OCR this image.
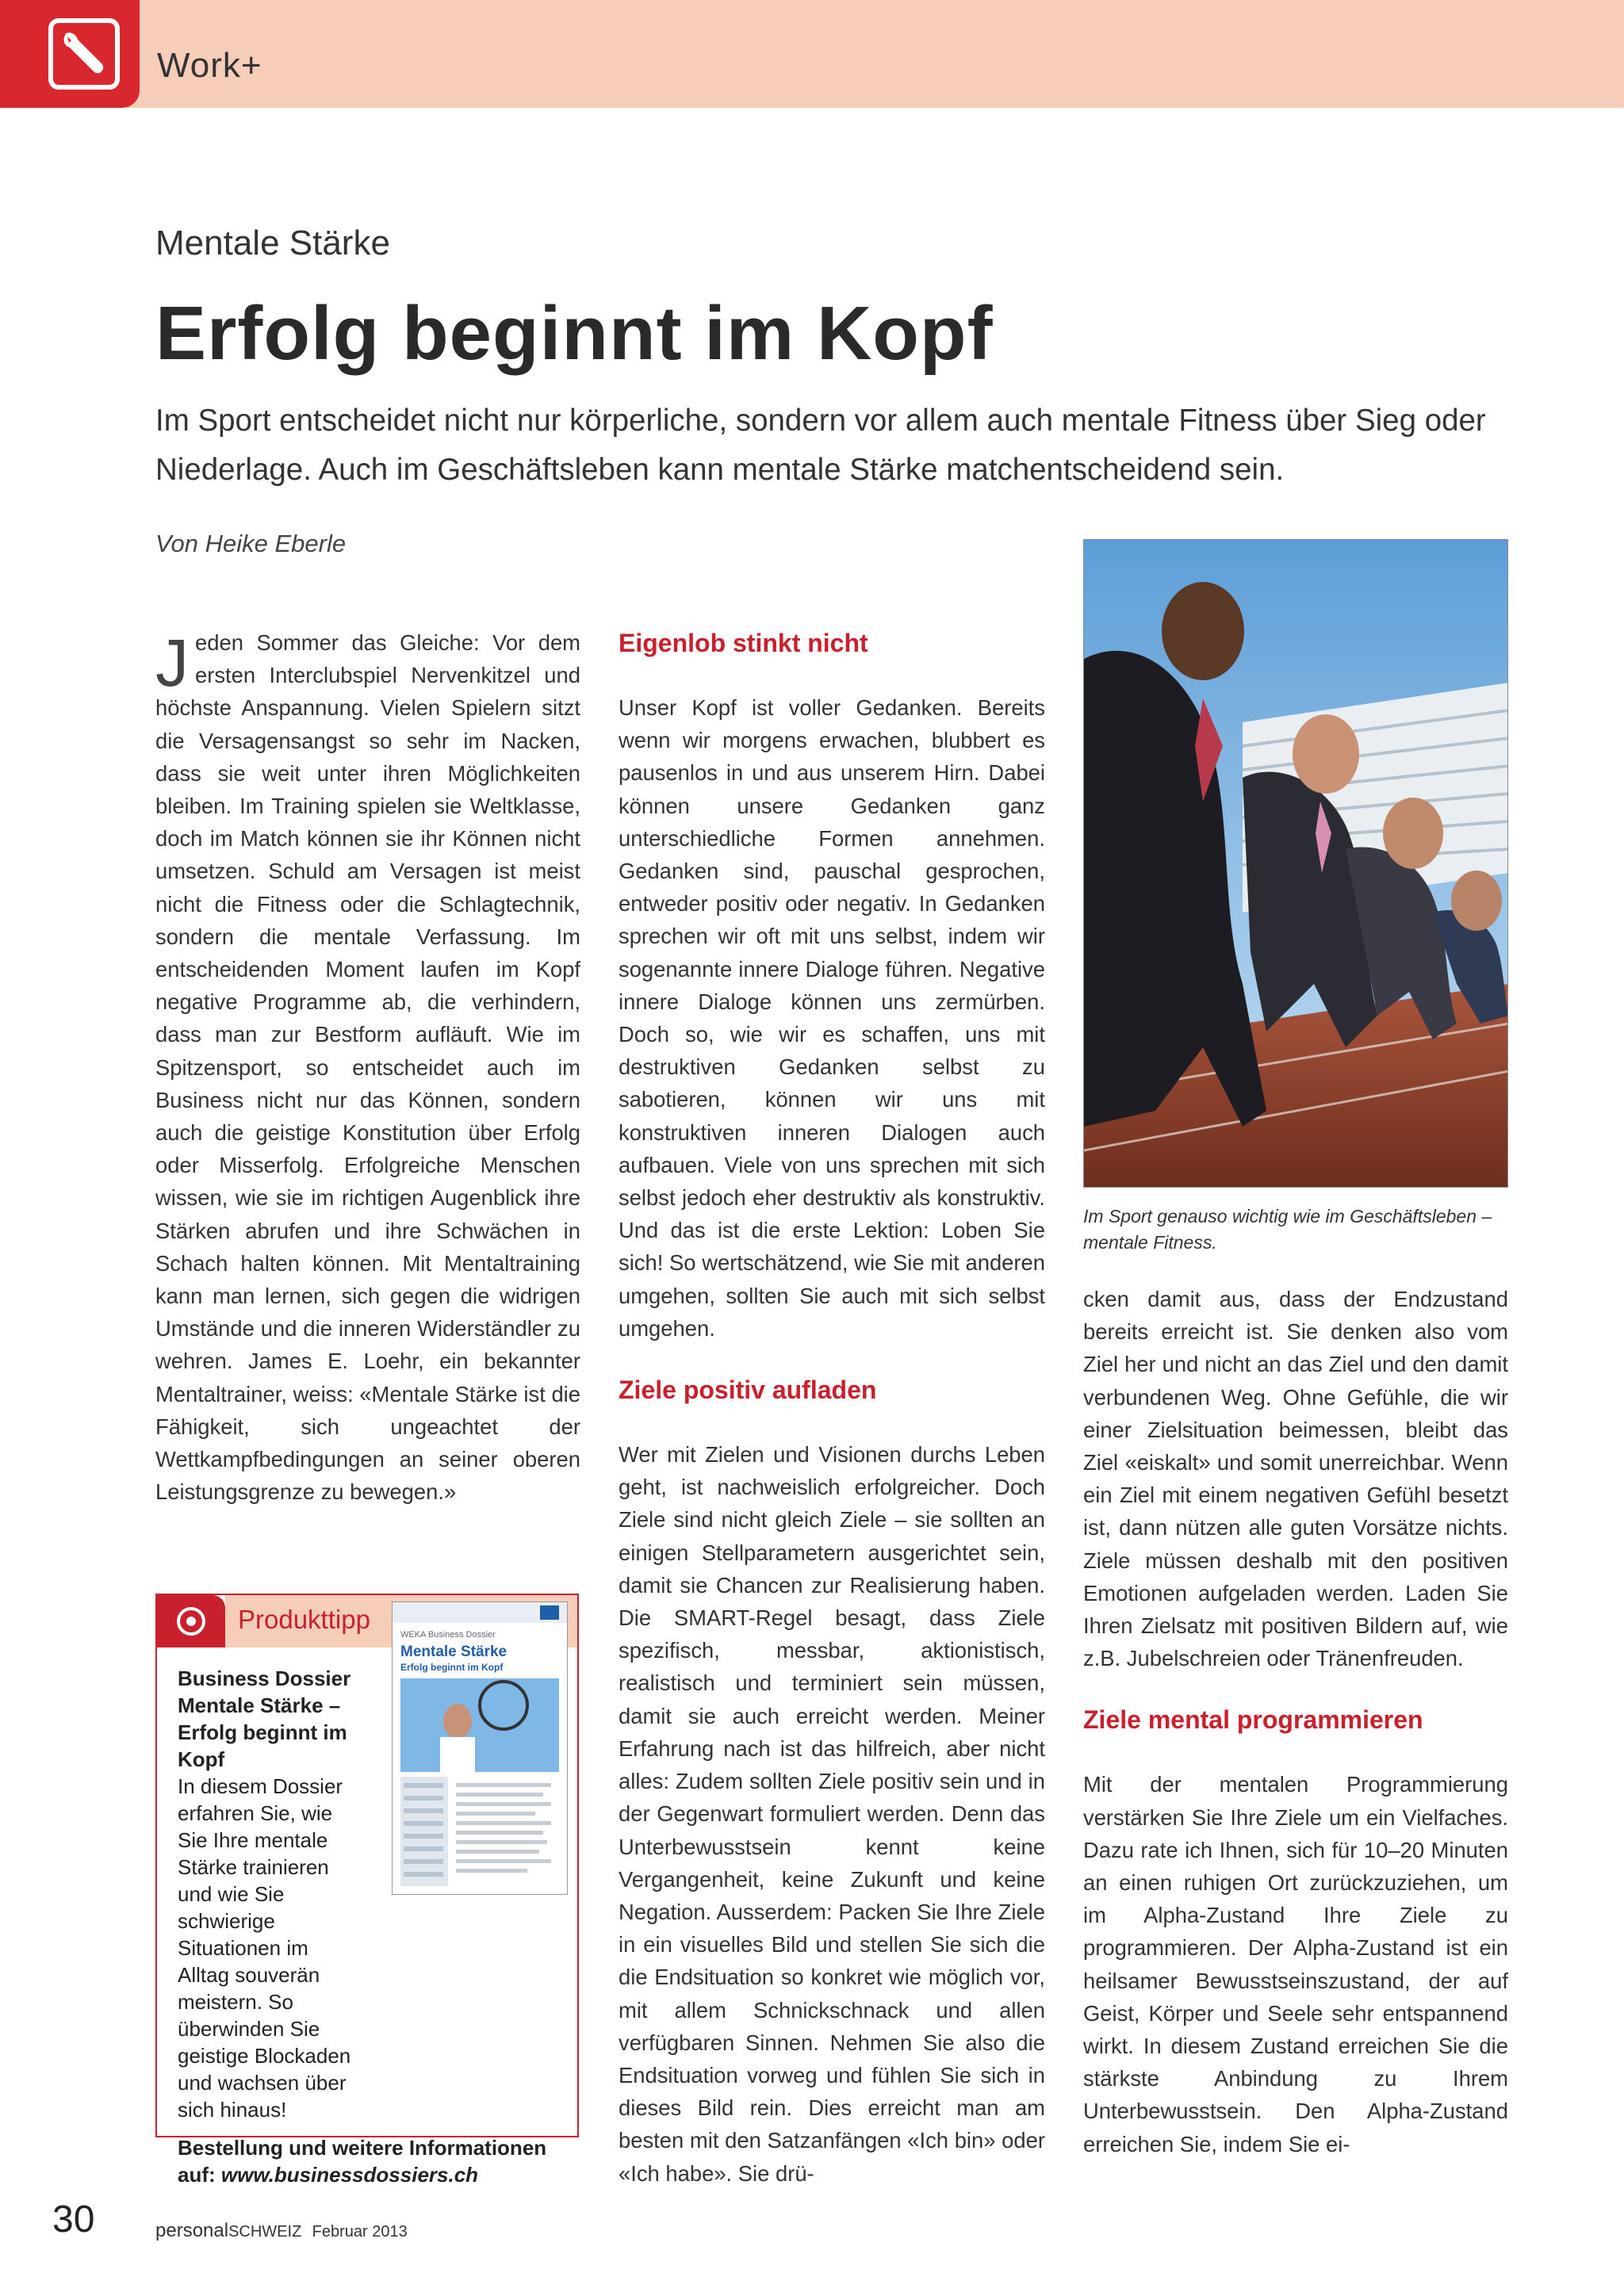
Work+
Mentale Stärke
Erfolg beginnt im Kopf
Im Sport entscheidet nicht nur körperliche, sondern vor allem auch mentale Fitness über Sieg oder Niederlage. Auch im Geschäftsleben kann mentale Stärke matchentscheidend sein.
Von Heike Eberle

Jeden Sommer das Gleiche: Vor dem ersten Interclubspiel Nervenkitzel und höchste Anspannung. Vielen Spielern sitzt die Versagensangst so sehr im Nacken, dass sie weit unter ihren Möglichkeiten bleiben. Im Training spielen sie Weltklasse, doch im Match können sie ihr Können nicht umsetzen. Schuld am Versagen ist meist nicht die Fitness oder die Schlagtechnik, sondern die mentale Verfassung. Im entscheidenden Moment laufen im Kopf negative Programme ab, die verhindern, dass man zur Bestform aufläuft. Wie im Spitzensport, so entscheidet auch im Business nicht nur das Können, sondern auch die geistige Konstitution über Erfolg oder Misserfolg. Erfolgreiche Menschen wissen, wie sie im richtigen Augenblick ihre Stärken abrufen und ihre Schwächen in Schach halten können. Mit Mentaltraining kann man lernen, sich gegen die widrigen Umstände und die inneren Widerständler zu wehren. James E. Loehr, ein bekannter Mentaltrainer, weiss: «Mentale Stärke ist die Fähigkeit, sich ungeachtet der Wettkampfbedingungen an seiner oberen Leistungsgrenze zu bewegen.»

Eigenlob stinkt nicht

Unser Kopf ist voller Gedanken. Bereits wenn wir morgens erwachen, blubbert es pausenlos in und aus unserem Hirn. Dabei können unsere Gedanken ganz unterschiedliche Formen annehmen. Gedanken sind, pauschal gesprochen, entweder positiv oder negativ. In Gedanken sprechen wir oft mit uns selbst, indem wir sogenannte innere Dialoge führen. Negative innere Dialoge können uns zermürben. Doch so, wie wir es schaffen, uns mit destruktiven Gedanken selbst zu sabotieren, können wir uns mit konstruktiven inneren Dialogen auch aufbauen. Viele von uns sprechen mit sich selbst jedoch eher destruktiv als konstruktiv. Und das ist die erste Lektion: Loben Sie sich! So wertschätzend, wie Sie mit anderen umgehen, sollten Sie auch mit sich selbst umgehen.

Ziele positiv aufladen

Wer mit Zielen und Visionen durchs Leben geht, ist nachweislich erfolgreicher. Doch Ziele sind nicht gleich Ziele – sie sollten an einigen Stellparametern ausgerichtet sein, damit sie Chancen zur Realisierung haben. Die SMART-Regel besagt, dass Ziele spezifisch, messbar, aktionistisch, realistisch und terminiert sein müssen, damit sie auch erreicht werden. Meiner Erfahrung nach ist das hilfreich, aber nicht alles: Zudem sollten Ziele positiv sein und in der Gegenwart formuliert werden. Denn das Unterbewusstsein kennt keine Vergangenheit, keine Zukunft und keine Negation. Ausserdem: Packen Sie Ihre Ziele in ein visuelles Bild und stellen Sie sich die die Endsituation so konkret wie möglich vor, mit allem Schnickschnack und allen verfügbaren Sinnen. Nehmen Sie also die Endsituation vorweg und fühlen Sie sich in dieses Bild rein. Dies erreicht man am besten mit den Satzanfängen «Ich bin» oder «Ich habe». Sie drü-

Im Sport genauso wichtig wie im Geschäftsleben – mentale Fitness.

cken damit aus, dass der Endzustand bereits erreicht ist. Sie denken also vom Ziel her und nicht an das Ziel und den damit verbundenen Weg. Ohne Gefühle, die wir einer Zielsituation beimessen, bleibt das Ziel «eiskalt» und somit unerreichbar. Wenn ein Ziel mit einem negativen Gefühl besetzt ist, dann nützen alle guten Vorsätze nichts. Ziele müssen deshalb mit den positiven Emotionen aufgeladen werden. Laden Sie Ihren Zielsatz mit positiven Bildern auf, wie z.B. Jubelschreien oder Tränenfreuden.

Ziele mental programmieren

Mit der mentalen Programmierung verstärken Sie Ihre Ziele um ein Vielfaches. Dazu rate ich Ihnen, sich für 10–20 Minuten an einen ruhigen Ort zurückzuziehen, um im Alpha-Zustand Ihre Ziele zu programmieren. Der Alpha-Zustand ist ein heilsamer Bewusstseinszustand, der auf Geist, Körper und Seele sehr entspannend wirkt. In diesem Zustand erreichen Sie die stärkste Anbindung zu Ihrem Unterbewusstsein. Den Alpha-Zustand erreichen Sie, indem Sie ei-

Produkttipp
WEKA Business Dossier
Mentale Stärke
Erfolg beginnt im Kopf
Business Dossier Mentale Stärke – Erfolg beginnt im Kopf
In diesem Dossier erfahren Sie, wie Sie Ihre mentale Stärke trainieren und wie Sie schwierige Situationen im Alltag souverän meistern. So überwinden Sie geistige Blockaden und wachsen über sich hinaus!
Bestellung und weitere Informationen auf: www.businessdossiers.ch
30	personalSCHWEIZ Februar 2013
